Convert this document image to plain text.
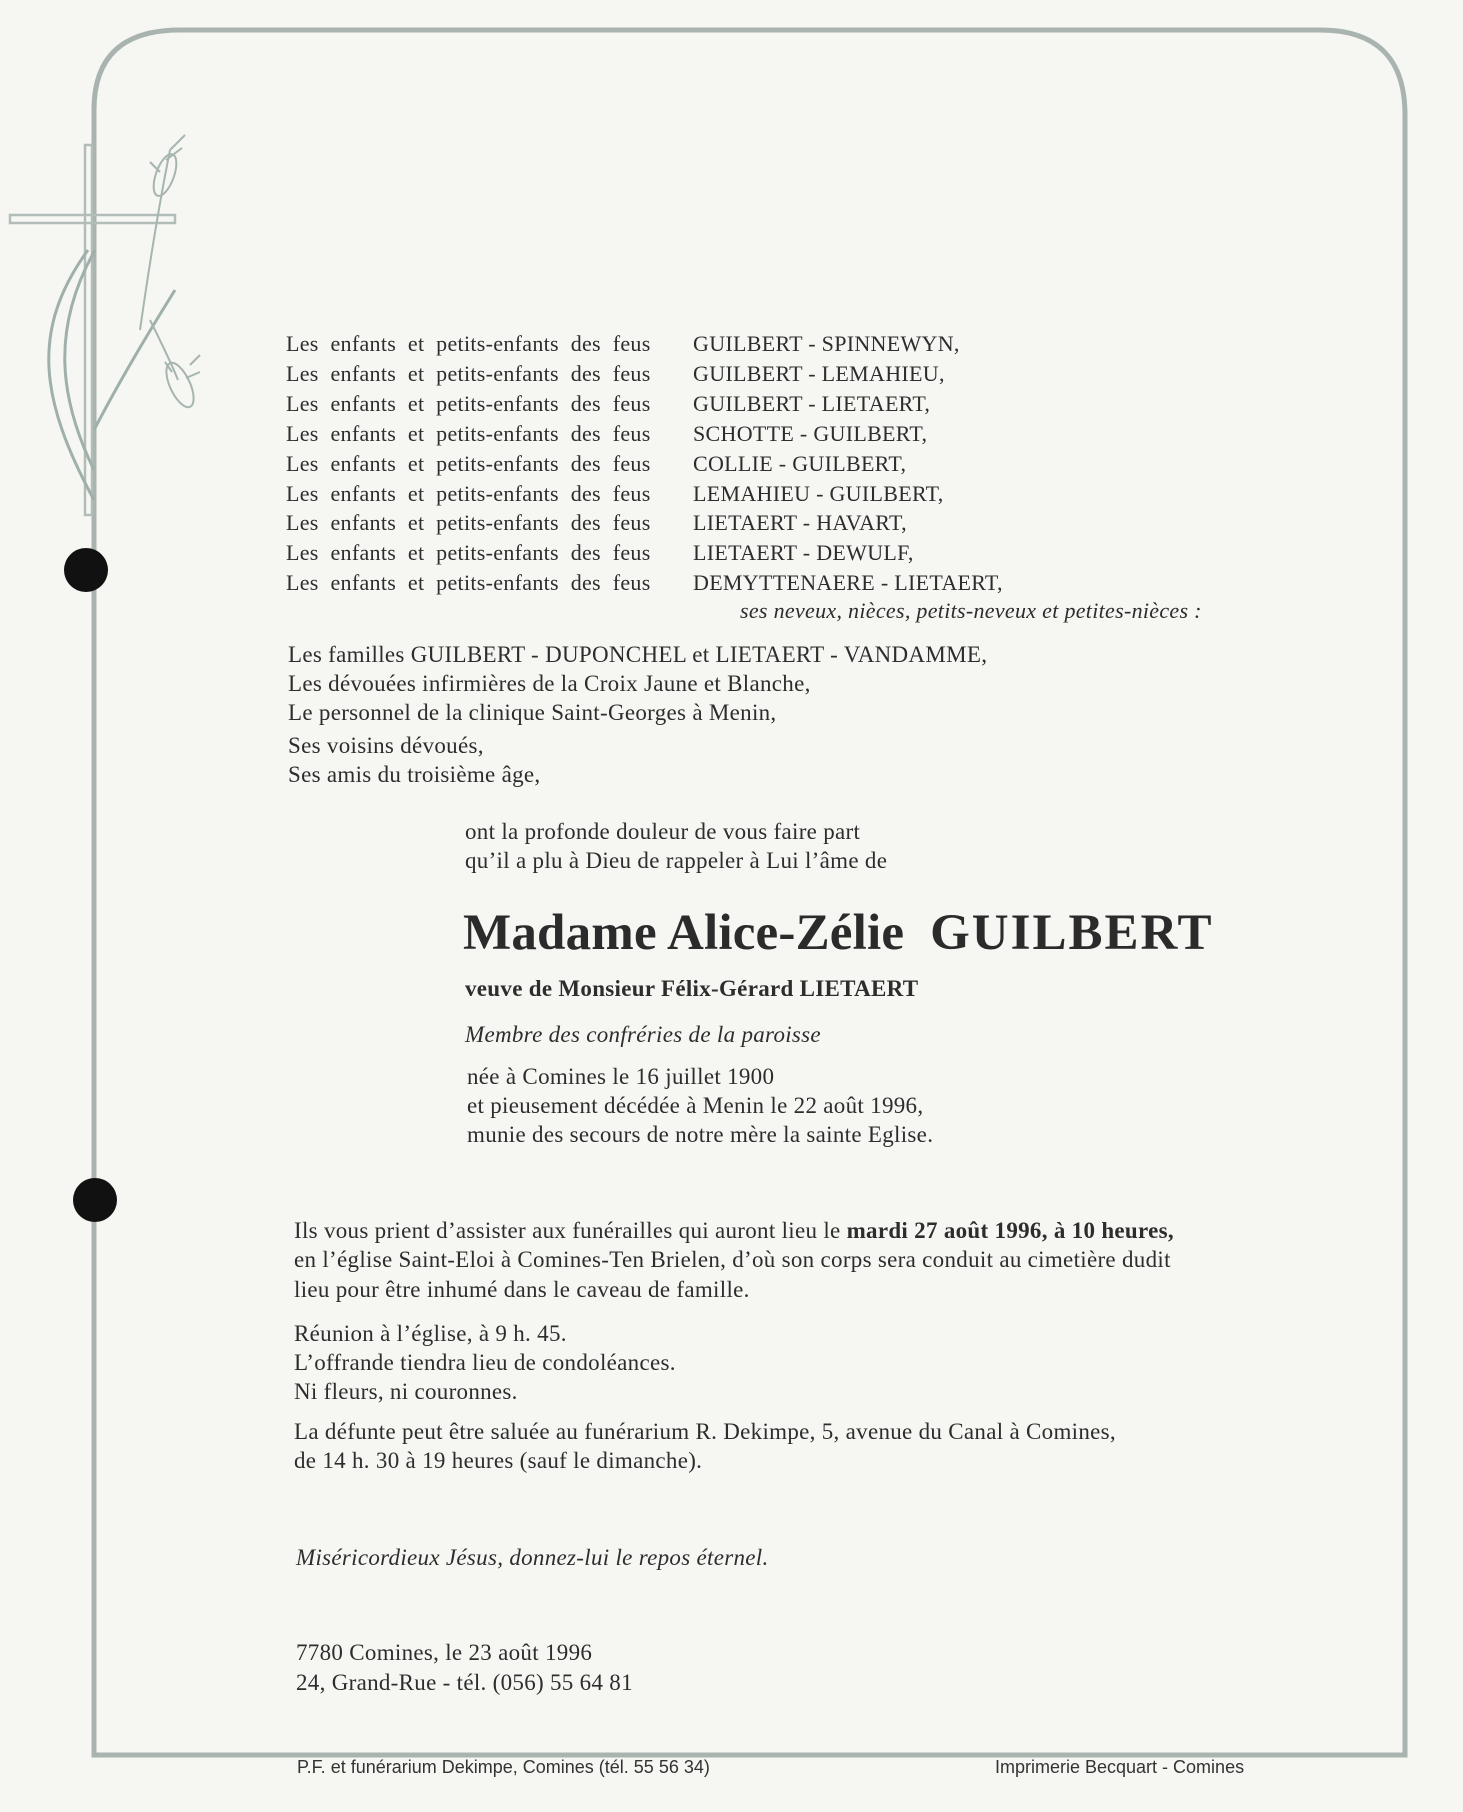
Les enfants et petits-enfants des feus GUILBERT - SPINNEWYN,
Les enfants et petits-enfants des feus GUILBERT - LEMAHIEU,
Les enfants et petits-enfants des feus GUILBERT - LIETAERT,
Les enfants et petits-enfants des feus SCHOTTE - GUILBERT,
Les enfants et petits-enfants des feus COLLIE - GUILBERT,
Les enfants et petits-enfants des feus LEMAHIEU - GUILBERT,
Les enfants et petits-enfants des feus LIETAERT - HAVART,
Les enfants et petits-enfants des feus LIETAERT - DEWULF,
Les enfants et petits-enfants des feus DEMYTTENAERE - LIETAERT,
ses neveux, nièces, petits-neveux et petites-nièces :
Les familles GUILBERT - DUPONCHEL et LIETAERT - VANDAMME,
Les dévouées infirmières de la Croix Jaune et Blanche,
Le personnel de la clinique Saint-Georges à Menin,
Ses voisins dévoués,
Ses amis du troisième âge,
ont la profonde douleur de vous faire part
qu’il a plu à Dieu de rappeler à Lui l’âme de
Madame Alice-Zélie GUILBERT
veuve de Monsieur Félix-Gérard LIETAERT
Membre des confréries de la paroisse
née à Comines le 16 juillet 1900
et pieusement décédée à Menin le 22 août 1996,
munie des secours de notre mère la sainte Eglise.
Ils vous prient d’assister aux funérailles qui auront lieu le mardi 27 août 1996, à 10 heures,
en l’église Saint-Eloi à Comines-Ten Brielen, d’où son corps sera conduit au cimetière dudit
lieu pour être inhumé dans le caveau de famille.
Réunion à l’église, à 9 h. 45.
L’offrande tiendra lieu de condoléances.
Ni fleurs, ni couronnes.
La défunte peut être saluée au funérarium R. Dekimpe, 5, avenue du Canal à Comines,
de 14 h. 30 à 19 heures (sauf le dimanche).
Miséricordieux Jésus, donnez-lui le repos éternel.
7780 Comines, le 23 août 1996
24, Grand-Rue - tél. (056) 55 64 81
P.F. et funérarium Dekimpe, Comines (tél. 55 56 34)	Imprimerie Becquart - Comines
